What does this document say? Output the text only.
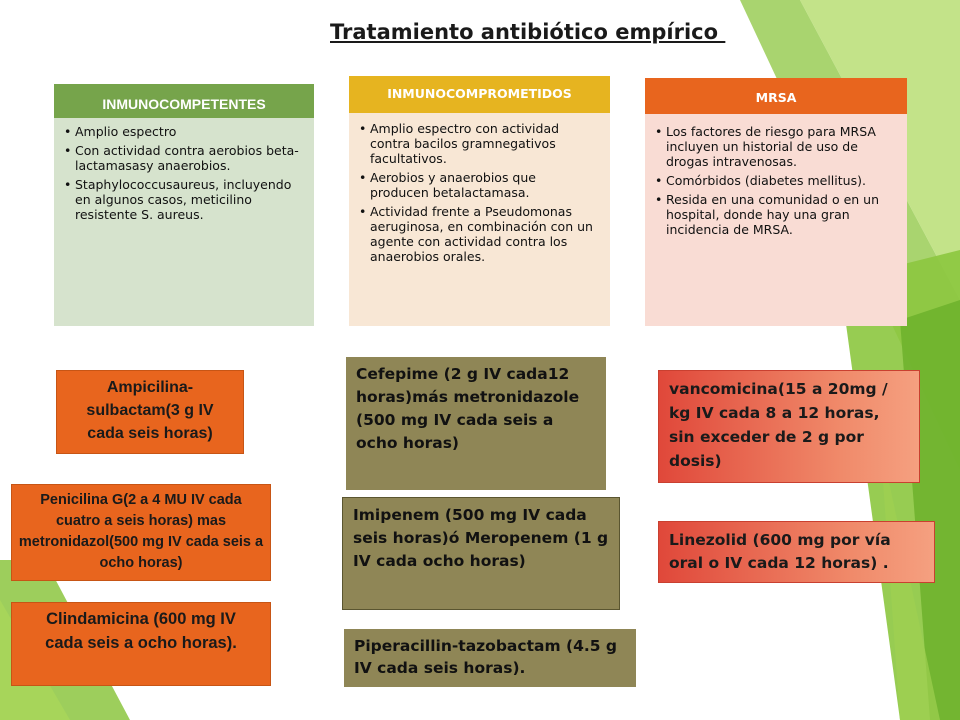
Tratamiento antibiótico empírico
INMUNOCOMPETENTES
• Amplio espectro
• Con actividad contra aerobios beta-lactamasasy anaerobios.
• Staphylococcusaureus, incluyendo en algunos casos, meticilino resistente S. aureus.
INMUNOCOMPROMETIDOS
• Amplio espectro con actividad contra bacilos gramnegativos facultativos.
• Aerobios y anaerobios que producen betalactamasa.
• Actividad frente a Pseudomonas aeruginosa, en combinación con un agente con actividad contra los anaerobios orales.
MRSA
• Los factores de riesgo para MRSA incluyen un historial de uso de drogas intravenosas.
• Comórbidos (diabetes mellitus).
• Resida en una comunidad o en un hospital, donde hay una gran incidencia de MRSA.
Ampicilina-sulbactam(3 g IV cada seis horas)
Penicilina G(2 a 4 MU IV cada cuatro a seis horas) mas metronidazol(500 mg IV cada seis a ocho horas)
Clindamicina (600 mg IV cada seis a ocho horas).
Cefepime (2 g IV cada12 horas)más metronidazole (500 mg IV cada seis a ocho horas)
Imipenem (500 mg IV cada seis horas)ó Meropenem (1 g IV cada ocho horas)
Piperacillin-tazobactam (4.5 g IV cada seis horas).
vancomicina(15 a 20mg / kg IV cada 8 a 12 horas, sin exceder de 2 g por dosis)
Linezolid (600 mg por vía oral o IV cada 12 horas) .
